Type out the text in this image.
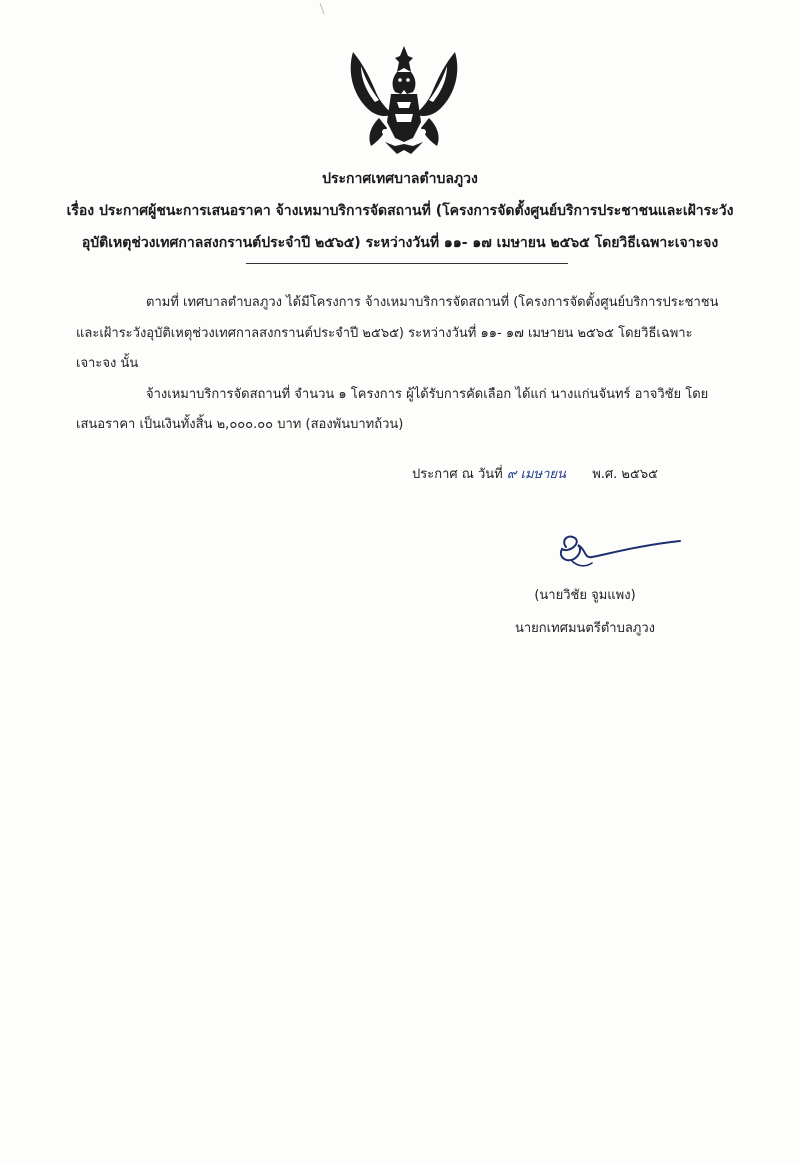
ประกาศเทศบาลตำบลภูวง
เรื่อง ประกาศผู้ชนะการเสนอราคา จ้างเหมาบริการจัดสถานที่ (โครงการจัดตั้งศูนย์บริการประชาชนและเฝ้าระวัง
อุบัติเหตุช่วงเทศกาลสงกรานต์ประจำปี ๒๕๖๕) ระหว่างวันที่ ๑๑- ๑๗ เมษายน ๒๕๖๕ โดยวิธีเฉพาะเจาะจง
ตามที่ เทศบาลตำบลภูวง ได้มีโครงการ จ้างเหมาบริการจัดสถานที่ (โครงการจัดตั้งศูนย์บริการประชาชน
และเฝ้าระวังอุบัติเหตุช่วงเทศกาลสงกรานต์ประจำปี ๒๕๖๕) ระหว่างวันที่ ๑๑- ๑๗ เมษายน ๒๕๖๕ โดยวิธีเฉพาะ
เจาะจง นั้น
จ้างเหมาบริการจัดสถานที่ จำนวน ๑ โครงการ ผู้ได้รับการคัดเลือก ได้แก่ นางแก่นจันทร์ อาจวิชัย โดย
เสนอราคา เป็นเงินทั้งสิ้น ๒,๐๐๐.๐๐ บาท (สองพันบาทถ้วน)
ประกาศ ณ วันที่ ๙ เมษายน พ.ศ. ๒๕๖๕
(นายวิชัย จูมแพง)
นายกเทศมนตรีตำบลภูวง
